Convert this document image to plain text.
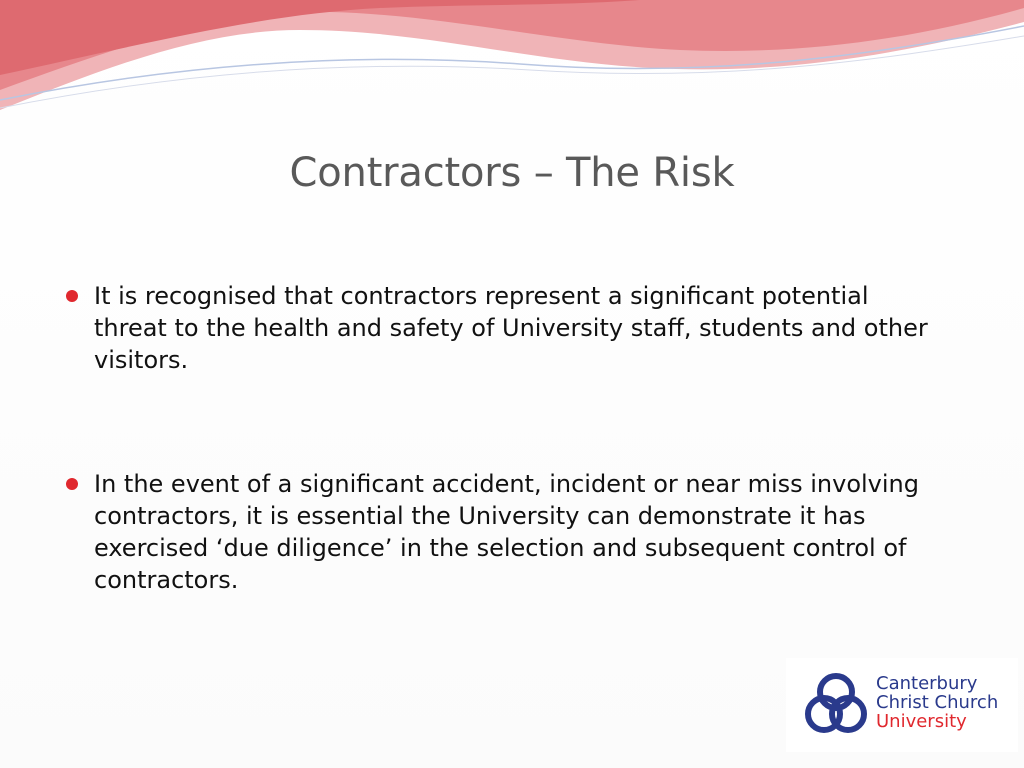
Contractors – The Risk
It is recognised that contractors represent a significant potential threat to the health and safety of University staff, students and other visitors.
In the event of a significant accident, incident or near miss involving contractors, it is essential the University can demonstrate it has exercised ‘due diligence’ in the selection and subsequent control of contractors.
Canterbury
Christ Church
University
